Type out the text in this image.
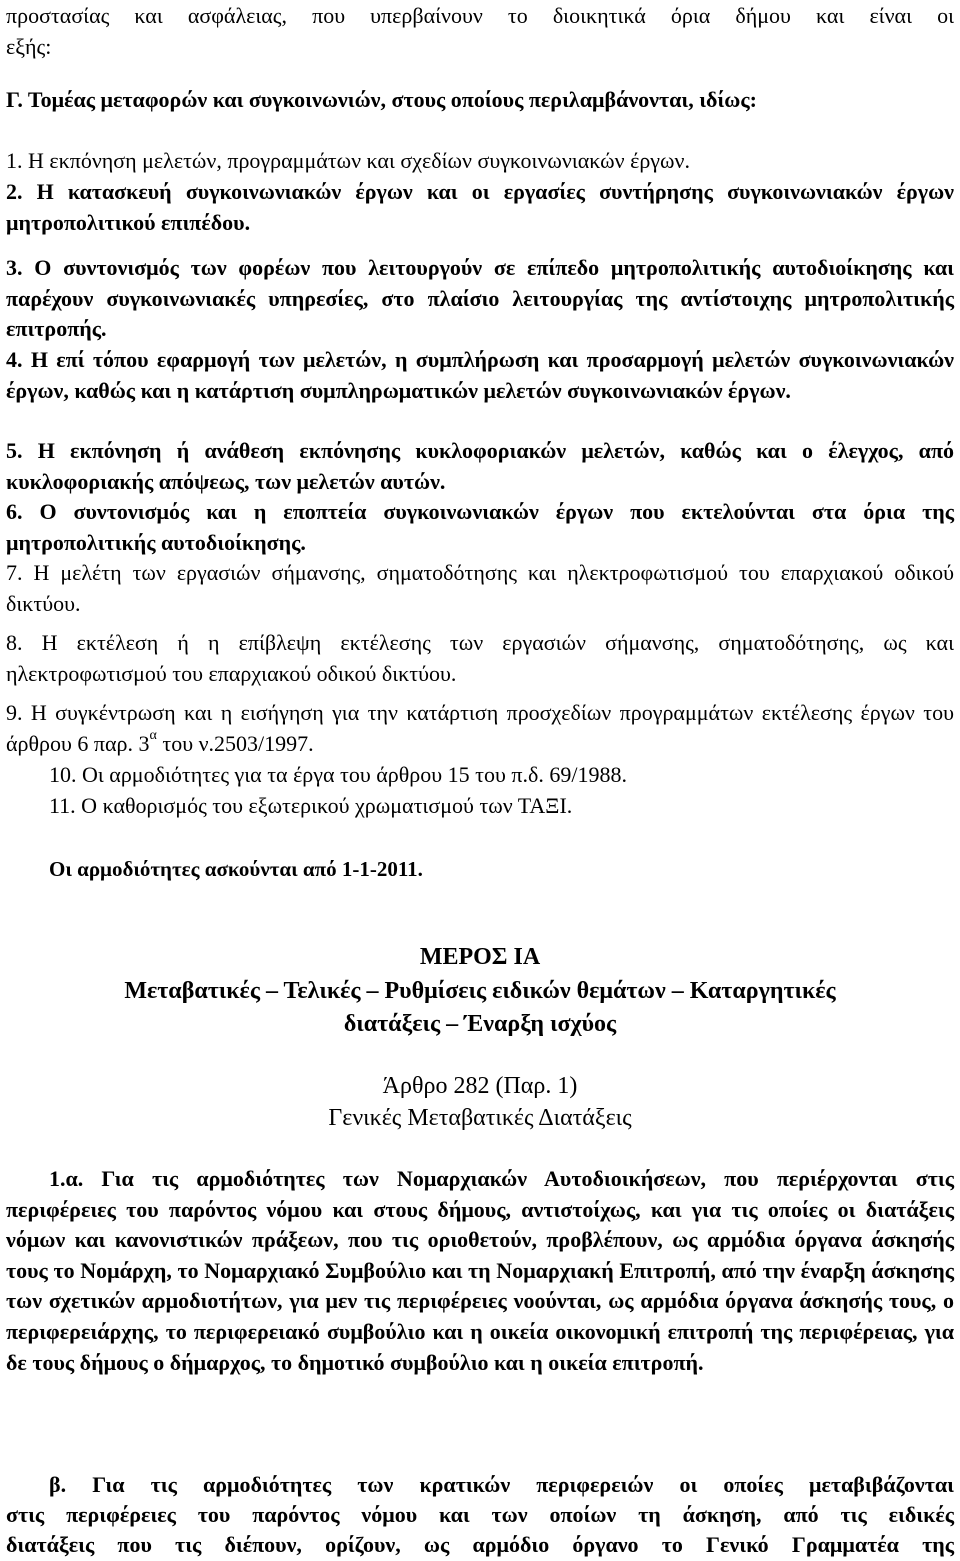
προστασίας και ασφάλειας, που υπερβαίνουν το διοικητικά όρια δήμου και είναι οι
εξής:
Γ. Τομέας μεταφορών και συγκοινωνιών, στους οποίους περιλαμβάνονται, ιδίως:
1. Η εκπόνηση μελετών, προγραμμάτων και σχεδίων συγκοινωνιακών έργων.
2. Η κατασκευή συγκοινωνιακών έργων και οι εργασίες συντήρησης συγκοινωνιακών έργων μητροπολιτικού επιπέδου.
3. Ο συντονισμός των φορέων που λειτουργούν σε επίπεδο μητροπολιτικής αυτοδιοίκησης και παρέχουν συγκοινωνιακές υπηρεσίες, στο πλαίσιο λειτουργίας της αντίστοιχης μητροπολιτικής επιτροπής.
4. Η επί τόπου εφαρμογή των μελετών, η συμπλήρωση και προσαρμογή μελετών συγκοινωνιακών έργων, καθώς και η κατάρτιση συμπληρωματικών μελετών συγκοινωνιακών έργων.
5. Η εκπόνηση ή ανάθεση εκπόνησης κυκλοφοριακών μελετών, καθώς και ο έλεγχος, από κυκλοφοριακής απόψεως, των μελετών αυτών.
6. Ο συντονισμός και η εποπτεία συγκοινωνιακών έργων που εκτελούνται στα όρια της μητροπολιτικής αυτοδιοίκησης.
7. Η μελέτη των εργασιών σήμανσης, σηματοδότησης και ηλεκτροφωτισμού του επαρχιακού οδικού δικτύου.
8. Η εκτέλεση ή η επίβλεψη εκτέλεσης των εργασιών σήμανσης, σηματοδότησης, ως και ηλεκτροφωτισμού του επαρχιακού οδικού δικτύου.
9. Η συγκέντρωση και η εισήγηση για την κατάρτιση προσχεδίων προγραμμάτων εκτέλεσης έργων του άρθρου 6 παρ. $3^\alpha$ του ν.2503/1997.
10. Οι αρμοδιότητες για τα έργα του άρθρου 15 του π.δ. 69/1988.
11. Ο καθορισμός του εξωτερικού χρωματισμού των ΤΑΞΙ.
Οι αρμοδιότητες ασκούνται από 1-1-2011.
ΜΕΡΟΣ ΙΑ
Μεταβατικές – Τελικές – Ρυθμίσεις ειδικών θεμάτων – Καταργητικές
διατάξεις – Έναρξη ισχύος
Άρθρο 282 (Παρ. 1)
Γενικές Μεταβατικές Διατάξεις
1.α. Για τις αρμοδιότητες των Νομαρχιακών Αυτοδιοικήσεων, που περιέρχονται στις περιφέρειες του παρόντος νόμου και στους δήμους, αντιστοίχως, και για τις οποίες οι διατάξεις νόμων και κανονιστικών πράξεων, που τις οριοθετούν, προβλέπουν, ως αρμόδια όργανα άσκησής τους το Νομάρχη, το Νομαρχιακό Συμβούλιο και τη Νομαρχιακή Επιτροπή, από την έναρξη άσκησης των σχετικών αρμοδιοτήτων, για μεν τις περιφέρειες νοούνται, ως αρμόδια όργανα άσκησής τους, ο περιφερειάρχης, το περιφερειακό συμβούλιο και η οικεία οικονομική επιτροπή της περιφέρειας, για δε τους δήμους ο δήμαρχος, το δημοτικό συμβούλιο και η οικεία επιτροπή.
β. Για τις αρμοδιότητες των κρατικών περιφερειών οι οποίες μεταβιβάζονται
στις περιφέρειες του παρόντος νόμου και των οποίων τη άσκηση, από τις ειδικές
διατάξεις που τις διέπουν, ορίζουν, ως αρμόδιο όργανο το Γενικό Γραμματέα της
